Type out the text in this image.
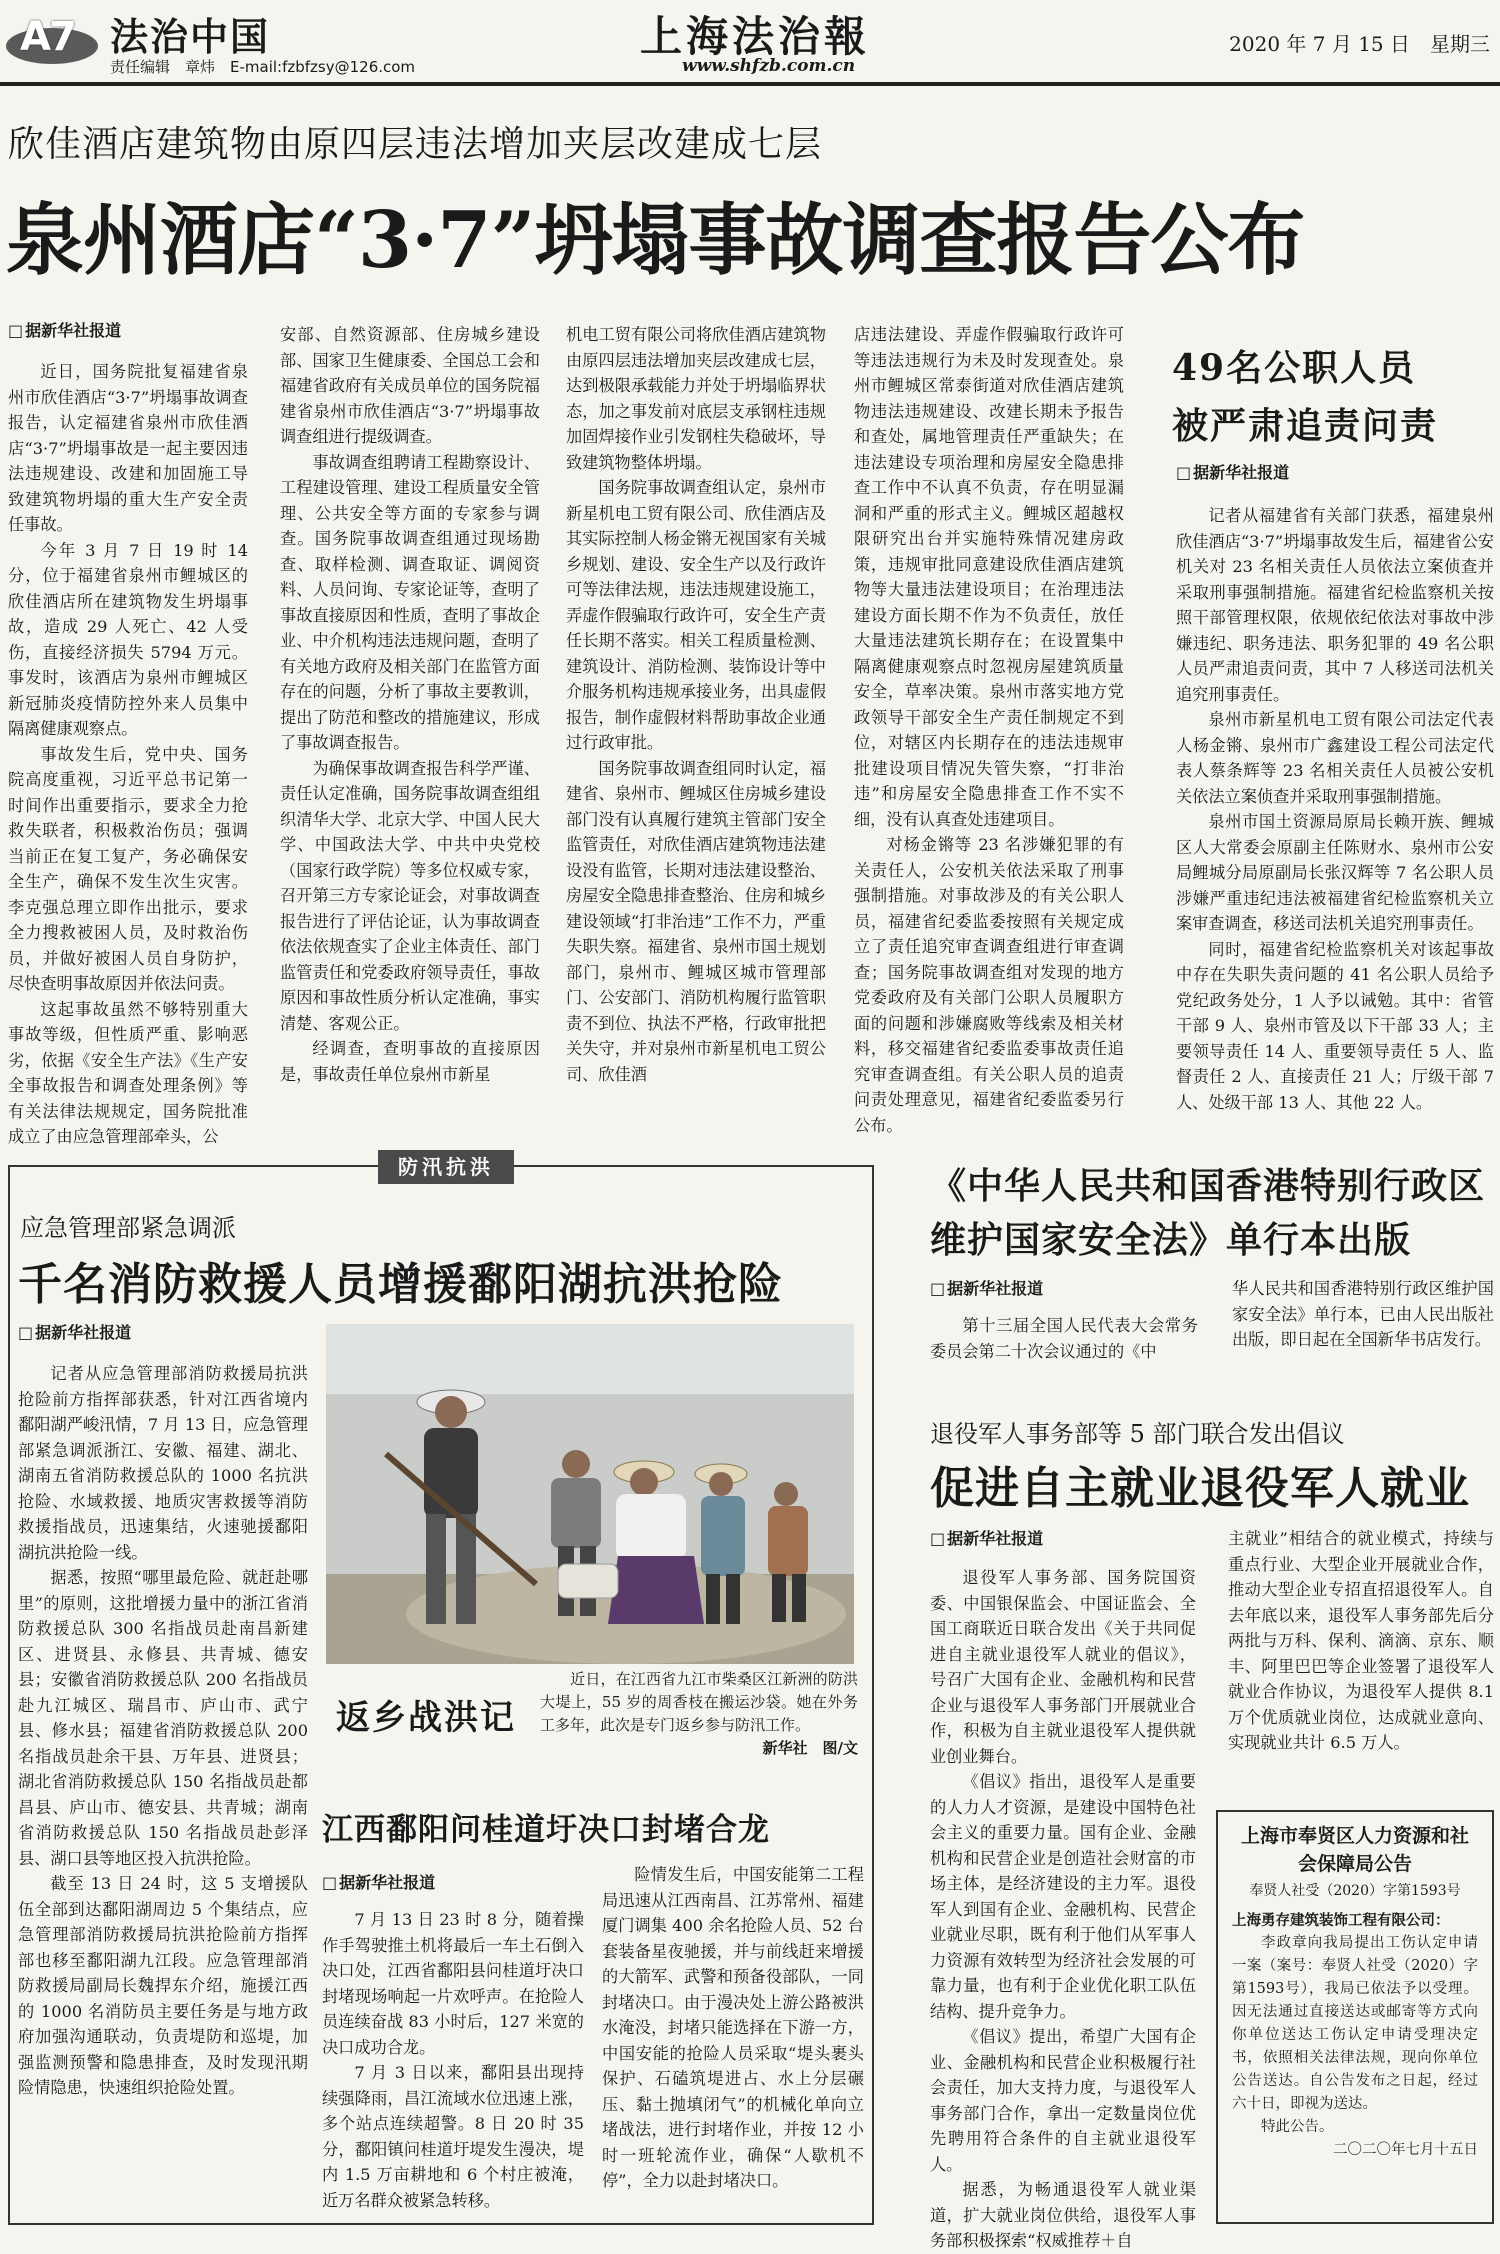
A7 法治中国
责任编辑　章炜　E-mail:fzbfzsy@126.com
上海法治報
www.shfzb.com.cn
2020 年 7 月 15 日　星期三
欣佳酒店建筑物由原四层违法增加夹层改建成七层
泉州酒店“3·7”坍塌事故调查报告公布
□ 据新华社报道

近日，国务院批复福建省泉州市欣佳酒店“3·7”坍塌事故调查报告，认定福建省泉州市欣佳酒店“3·7”坍塌事故是一起主要因违法违规建设、改建和加固施工导致建筑物坍塌的重大生产安全责任事故。

今年 3 月 7 日 19 时 14 分，位于福建省泉州市鲤城区的欣佳酒店所在建筑物发生坍塌事故，造成 29 人死亡、42 人受伤，直接经济损失 5794 万元。事发时，该酒店为泉州市鲤城区新冠肺炎疫情防控外来人员集中隔离健康观察点。

事故发生后，党中央、国务院高度重视，习近平总书记第一时间作出重要指示，要求全力抢救失联者，积极救治伤员；强调当前正在复工复产，务必确保安全生产，确保不发生次生灾害。李克强总理立即作出批示，要求全力搜救被困人员，及时救治伤员，并做好被困人员自身防护，尽快查明事故原因并依法问责。

这起事故虽然不够特别重大事故等级，但性质严重、影响恶劣，依据《安全生产法》《生产安全事故报告和调查处理条例》等有关法律法规规定，国务院批准成立了由应急管理部牵头，公

安部、自然资源部、住房城乡建设部、国家卫生健康委、全国总工会和福建省政府有关成员单位的国务院福建省泉州市欣佳酒店“3·7”坍塌事故调查组进行提级调查。

事故调查组聘请工程勘察设计、工程建设管理、建设工程质量安全管理、公共安全等方面的专家参与调查。国务院事故调查组通过现场勘查、取样检测、调查取证、调阅资料、人员问询、专家论证等，查明了事故直接原因和性质，查明了事故企业、中介机构违法违规问题，查明了有关地方政府及相关部门在监管方面存在的问题，分析了事故主要教训，提出了防范和整改的措施建议，形成了事故调查报告。

为确保事故调查报告科学严谨、责任认定准确，国务院事故调查组组织清华大学、北京大学、中国人民大学、中国政法大学、中共中央党校（国家行政学院）等多位权威专家，召开第三方专家论证会，对事故调查报告进行了评估论证，认为事故调查依法依规查实了企业主体责任、部门监管责任和党委政府领导责任，事故原因和事故性质分析认定准确，事实清楚、客观公正。

经调查，查明事故的直接原因是，事故责任单位泉州市新星

机电工贸有限公司将欣佳酒店建筑物由原四层违法增加夹层改建成七层，达到极限承载能力并处于坍塌临界状态，加之事发前对底层支承钢柱违规加固焊接作业引发钢柱失稳破坏，导致建筑物整体坍塌。

国务院事故调查组认定，泉州市新星机电工贸有限公司、欣佳酒店及其实际控制人杨金锵无视国家有关城乡规划、建设、安全生产以及行政许可等法律法规，违法违规建设施工，弄虚作假骗取行政许可，安全生产责任长期不落实。相关工程质量检测、建筑设计、消防检测、装饰设计等中介服务机构违规承接业务，出具虚假报告，制作虚假材料帮助事故企业通过行政审批。

国务院事故调查组同时认定，福建省、泉州市、鲤城区住房城乡建设部门没有认真履行建筑主管部门安全监管责任，对欣佳酒店建筑物违法建设没有监管，长期对违法建设整治、房屋安全隐患排查整治、住房和城乡建设领域“打非治违”工作不力，严重失职失察。福建省、泉州市国土规划部门，泉州市、鲤城区城市管理部门、公安部门、消防机构履行监管职责不到位、执法不严格，行政审批把关失守，并对泉州市新星机电工贸公司、欣佳酒

店违法建设、弄虚作假骗取行政许可等违法违规行为未及时发现查处。泉州市鲤城区常泰街道对欣佳酒店建筑物违法违规建设、改建长期未予报告和查处，属地管理责任严重缺失；在违法建设专项治理和房屋安全隐患排查工作中不认真不负责，存在明显漏洞和严重的形式主义。鲤城区超越权限研究出台并实施特殊情况建房政策，违规审批同意建设欣佳酒店建筑物等大量违法建设项目；在治理违法建设方面长期不作为不负责任，放任大量违法建筑长期存在；在设置集中隔离健康观察点时忽视房屋建筑质量安全，草率决策。泉州市落实地方党政领导干部安全生产责任制规定不到位，对辖区内长期存在的违法违规审批建设项目情况失管失察，“打非治违”和房屋安全隐患排查工作不实不细，没有认真查处违建项目。

对杨金锵等 23 名涉嫌犯罪的有关责任人，公安机关依法采取了刑事强制措施。对事故涉及的有关公职人员，福建省纪委监委按照有关规定成立了责任追究审查调查组进行审查调查；国务院事故调查组对发现的地方党委政府及有关部门公职人员履职方面的问题和涉嫌腐败等线索及相关材料，移交福建省纪委监委事故责任追究审查调查组。有关公职人员的追责问责处理意见，福建省纪委监委另行公布。

49名公职人员
被严肃追责问责
□ 据新华社报道

记者从福建省有关部门获悉，福建泉州欣佳酒店“3·7”坍塌事故发生后，福建省公安机关对 23 名相关责任人员依法立案侦查并采取刑事强制措施。福建省纪检监察机关按照干部管理权限，依规依纪依法对事故中涉嫌违纪、职务违法、职务犯罪的 49 名公职人员严肃追责问责，其中 7 人移送司法机关追究刑事责任。

泉州市新星机电工贸有限公司法定代表人杨金锵、泉州市广鑫建设工程公司法定代表人蔡条辉等 23 名相关责任人员被公安机关依法立案侦查并采取刑事强制措施。

泉州市国土资源局原局长赖开族、鲤城区人大常委会原副主任陈财水、泉州市公安局鲤城分局原副局长张汉辉等 7 名公职人员涉嫌严重违纪违法被福建省纪检监察机关立案审查调查，移送司法机关追究刑事责任。

同时，福建省纪检监察机关对该起事故中存在失职失责问题的 41 名公职人员给予党纪政务处分，1 人予以诫勉。其中：省管干部 9 人、泉州市管及以下干部 33 人；主要领导责任 14 人、重要领导责任 5 人、监督责任 2 人、直接责任 21 人；厅级干部 7 人、处级干部 13 人、其他 22 人。

防汛抗洪
应急管理部紧急调派
千名消防救援人员增援鄱阳湖抗洪抢险
□ 据新华社报道

记者从应急管理部消防救援局抗洪抢险前方指挥部获悉，针对江西省境内鄱阳湖严峻汛情，7 月 13 日，应急管理部紧急调派浙江、安徽、福建、湖北、湖南五省消防救援总队的 1000 名抗洪抢险、水域救援、地质灾害救援等消防救援指战员，迅速集结，火速驰援鄱阳湖抗洪抢险一线。

据悉，按照“哪里最危险、就赶赴哪里”的原则，这批增援力量中的浙江省消防救援总队 300 名指战员赴南昌新建区、进贤县、永修县、共青城、德安县；安徽省消防救援总队 200 名指战员赴九江城区、瑞昌市、庐山市、武宁县、修水县；福建省消防救援总队 200 名指战员赴余干县、万年县、进贤县；湖北省消防救援总队 150 名指战员赴都昌县、庐山市、德安县、共青城；湖南省消防救援总队 150 名指战员赴彭泽县、湖口县等地区投入抗洪抢险。

截至 13 日 24 时，这 5 支增援队伍全部到达鄱阳湖周边 5 个集结点，应急管理部消防救援局抗洪抢险前方指挥部也移至鄱阳湖九江段。应急管理部消防救援局副局长魏捍东介绍，施援江西的 1000 名消防员主要任务是与地方政府加强沟通联动，负责堤防和巡堤，加强监测预警和隐患排查，及时发现汛期险情隐患，快速组织抢险处置。

返乡战洪记
近日，在江西省九江市柴桑区江新洲的防洪大堤上，55 岁的周香枝在搬运沙袋。她在外务工多年，此次是专门返乡参与防汛工作。
新华社　图/文
江西鄱阳问桂道圩决口封堵合龙
□ 据新华社报道

7 月 13 日 23 时 8 分，随着操作手驾驶推土机将最后一车土石倒入决口处，江西省鄱阳县问桂道圩决口封堵现场响起一片欢呼声。在抢险人员连续奋战 83 小时后，127 米宽的决口成功合龙。

7 月 3 日以来，鄱阳县出现持续强降雨，昌江流域水位迅速上涨，多个站点连续超警。8 日 20 时 35 分，鄱阳镇问桂道圩堤发生漫决，堤内 1.5 万亩耕地和 6 个村庄被淹，近万名群众被紧急转移。

险情发生后，中国安能第二工程局迅速从江西南昌、江苏常州、福建厦门调集 400 余名抢险人员、52 台套装备星夜驰援，并与前线赶来增援的大箭军、武警和预备役部队，一同封堵决口。由于漫决处上游公路被洪水淹没，封堵只能选择在下游一方，中国安能的抢险人员采取“堤头裹头保护、石磕筑堤进占、水上分层碾压、黏土抛填闭气”的机械化单向立堵战法，进行封堵作业，并按 12 小时一班轮流作业，确保“人歇机不停”，全力以赴封堵决口。

《中华人民共和国香港特别行政区
维护国家安全法》单行本出版
□ 据新华社报道

第十三届全国人民代表大会常务委员会第二十次会议通过的《中

华人民共和国香港特别行政区维护国家安全法》单行本，已由人民出版社出版，即日起在全国新华书店发行。

退役军人事务部等 5 部门联合发出倡议
促进自主就业退役军人就业
□ 据新华社报道

退役军人事务部、国务院国资委、中国银保监会、中国证监会、全国工商联近日联合发出《关于共同促进自主就业退役军人就业的倡议》，号召广大国有企业、金融机构和民营企业与退役军人事务部门开展就业合作，积极为自主就业退役军人提供就业创业舞台。

《倡议》指出，退役军人是重要的人力人才资源，是建设中国特色社会主义的重要力量。国有企业、金融机构和民营企业是创造社会财富的市场主体，是经济建设的主力军。退役军人到国有企业、金融机构、民营企业就业尽职，既有利于他们从军事人力资源有效转型为经济社会发展的可靠力量，也有利于企业优化职工队伍结构、提升竞争力。

《倡议》提出，希望广大国有企业、金融机构和民营企业积极履行社会责任，加大支持力度，与退役军人事务部门合作，拿出一定数量岗位优先聘用符合条件的自主就业退役军人。

据悉，为畅通退役军人就业渠道，扩大就业岗位供给，退役军人事务部积极探索“权威推荐＋自

主就业”相结合的就业模式，持续与重点行业、大型企业开展就业合作，推动大型企业专招直招退役军人。自去年底以来，退役军人事务部先后分两批与万科、保利、滴滴、京东、顺丰、阿里巴巴等企业签署了退役军人就业合作协议，为退役军人提供 8.1 万个优质就业岗位，达成就业意向、实现就业共计 6.5 万人。

上海市奉贤区人力资源和社会保障局公告
奉贤人社受（2020）字第1593号
上海勇存建筑装饰工程有限公司：

李政章向我局提出工伤认定申请一案（案号：奉贤人社受（2020）字第1593号），我局已依法予以受理。因无法通过直接送达或邮寄等方式向你单位送达工伤认定申请受理决定书，依照相关法律法规，现向你单位公告送达。自公告发布之日起，经过六十日，即视为送达。

特此公告。

二〇二〇年七月十五日
